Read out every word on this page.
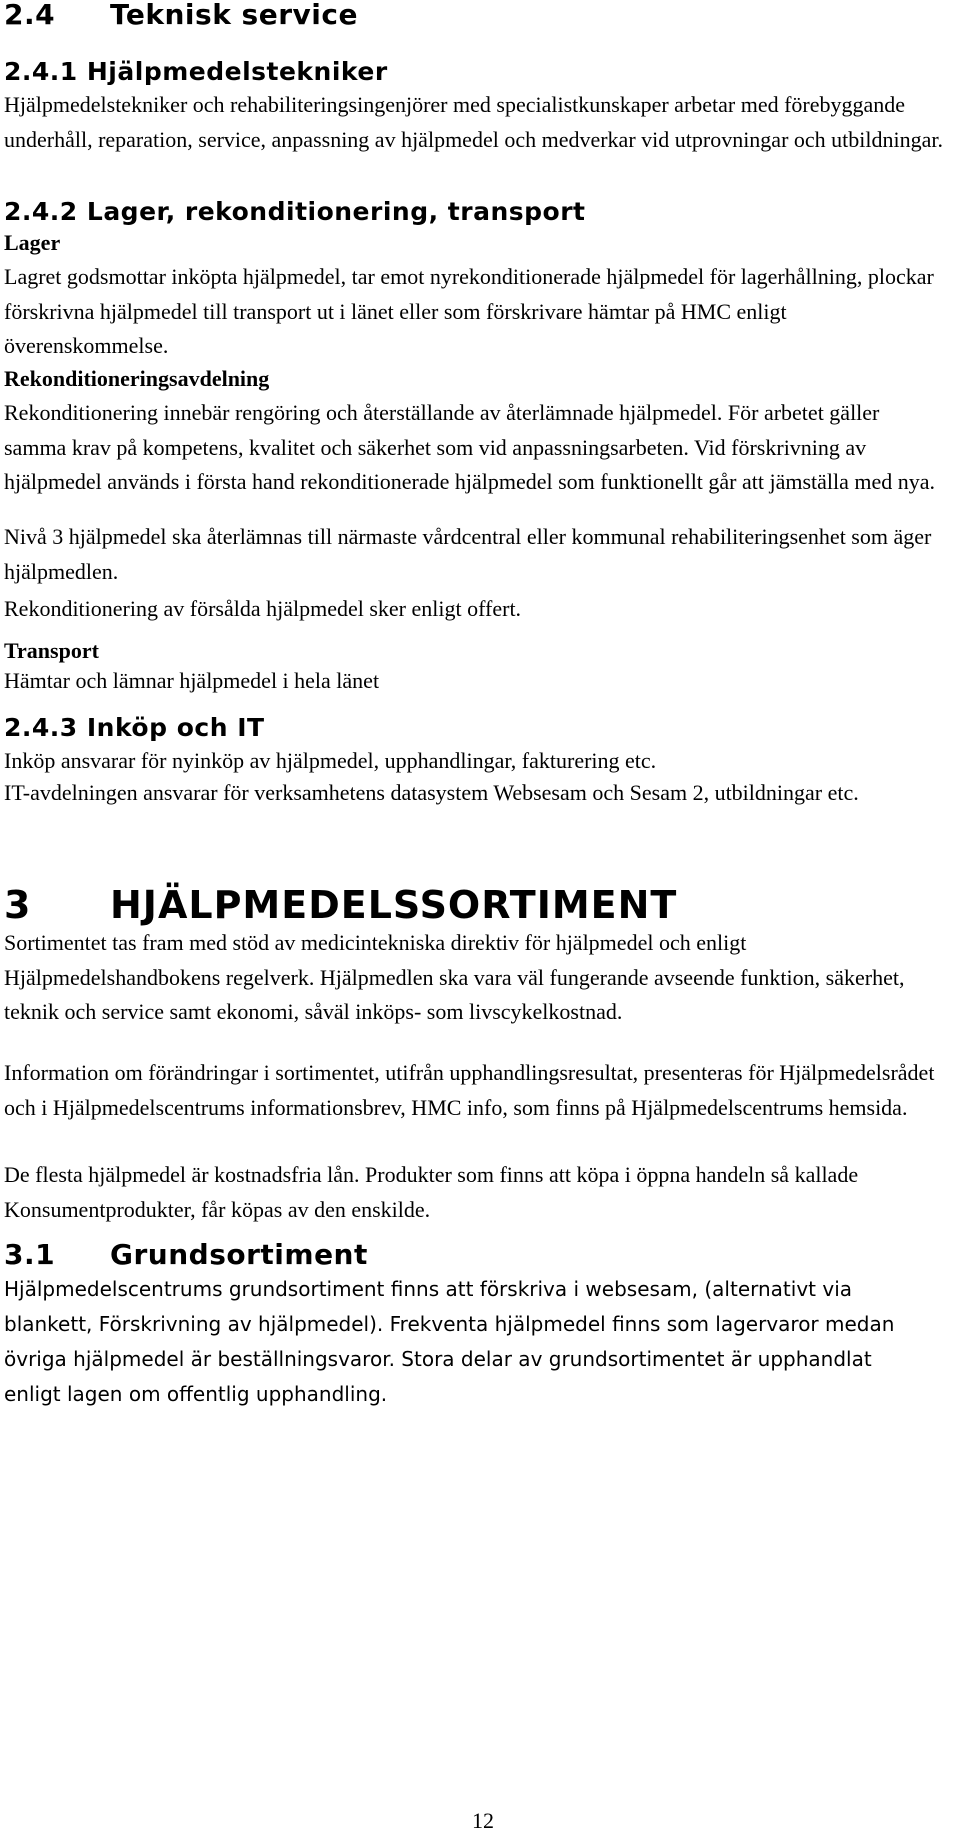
2.4 Teknisk service
2.4.1 Hjälpmedelstekniker

Hjälpmedelstekniker och rehabiliteringsingenjörer med specialistkunskaper arbetar med förebyggande underhåll, reparation, service, anpassning av hjälpmedel och medverkar vid utprovningar och utbildningar.

2.4.2 Lager, rekonditionering, transport
Lager

Lagret godsmottar inköpta hjälpmedel, tar emot nyrekonditionerade hjälpmedel för lagerhållning, plockar förskrivna hjälpmedel till transport ut i länet eller som förskrivare hämtar på HMC enligt överenskommelse.

Rekonditioneringsavdelning

Rekonditionering innebär rengöring och återställande av återlämnade hjälpmedel. För arbetet gäller samma krav på kompetens, kvalitet och säkerhet som vid anpassningsarbeten. Vid förskrivning av hjälpmedel används i första hand rekonditionerade hjälpmedel som funktionellt går att jämställa med nya.

Nivå 3 hjälpmedel ska återlämnas till närmaste vårdcentral eller kommunal rehabiliteringsenhet som äger hjälpmedlen.

Rekonditionering av försålda hjälpmedel sker enligt offert.

Transport

Hämtar och lämnar hjälpmedel i hela länet

2.4.3 Inköp och IT

Inköp ansvarar för nyinköp av hjälpmedel, upphandlingar, fakturering etc.

IT-avdelningen ansvarar för verksamhetens datasystem Websesam och Sesam 2, utbildningar etc.

3 HJÄLPMEDELSSORTIMENT

Sortimentet tas fram med stöd av medicintekniska direktiv för hjälpmedel och enligt Hjälpmedelshandbokens regelverk. Hjälpmedlen ska vara väl fungerande avseende funktion, säkerhet, teknik och service samt ekonomi, såväl inköps- som livscykelkostnad.

Information om förändringar i sortimentet, utifrån upphandlingsresultat, presenteras för Hjälpmedelsrådet och i Hjälpmedelscentrums informationsbrev, HMC info, som finns på Hjälpmedelscentrums hemsida.

De flesta hjälpmedel är kostnadsfria lån. Produkter som finns att köpa i öppna handeln så kallade Konsumentprodukter, får köpas av den enskilde.

3.1 Grundsortiment

Hjälpmedelscentrums grundsortiment finns att förskriva i websesam, (alternativt via blankett, Förskrivning av hjälpmedel). Frekventa hjälpmedel finns som lagervaror medan övriga hjälpmedel är beställningsvaror. Stora delar av grundsortimentet är upphandlat enligt lagen om offentlig upphandling.

12
